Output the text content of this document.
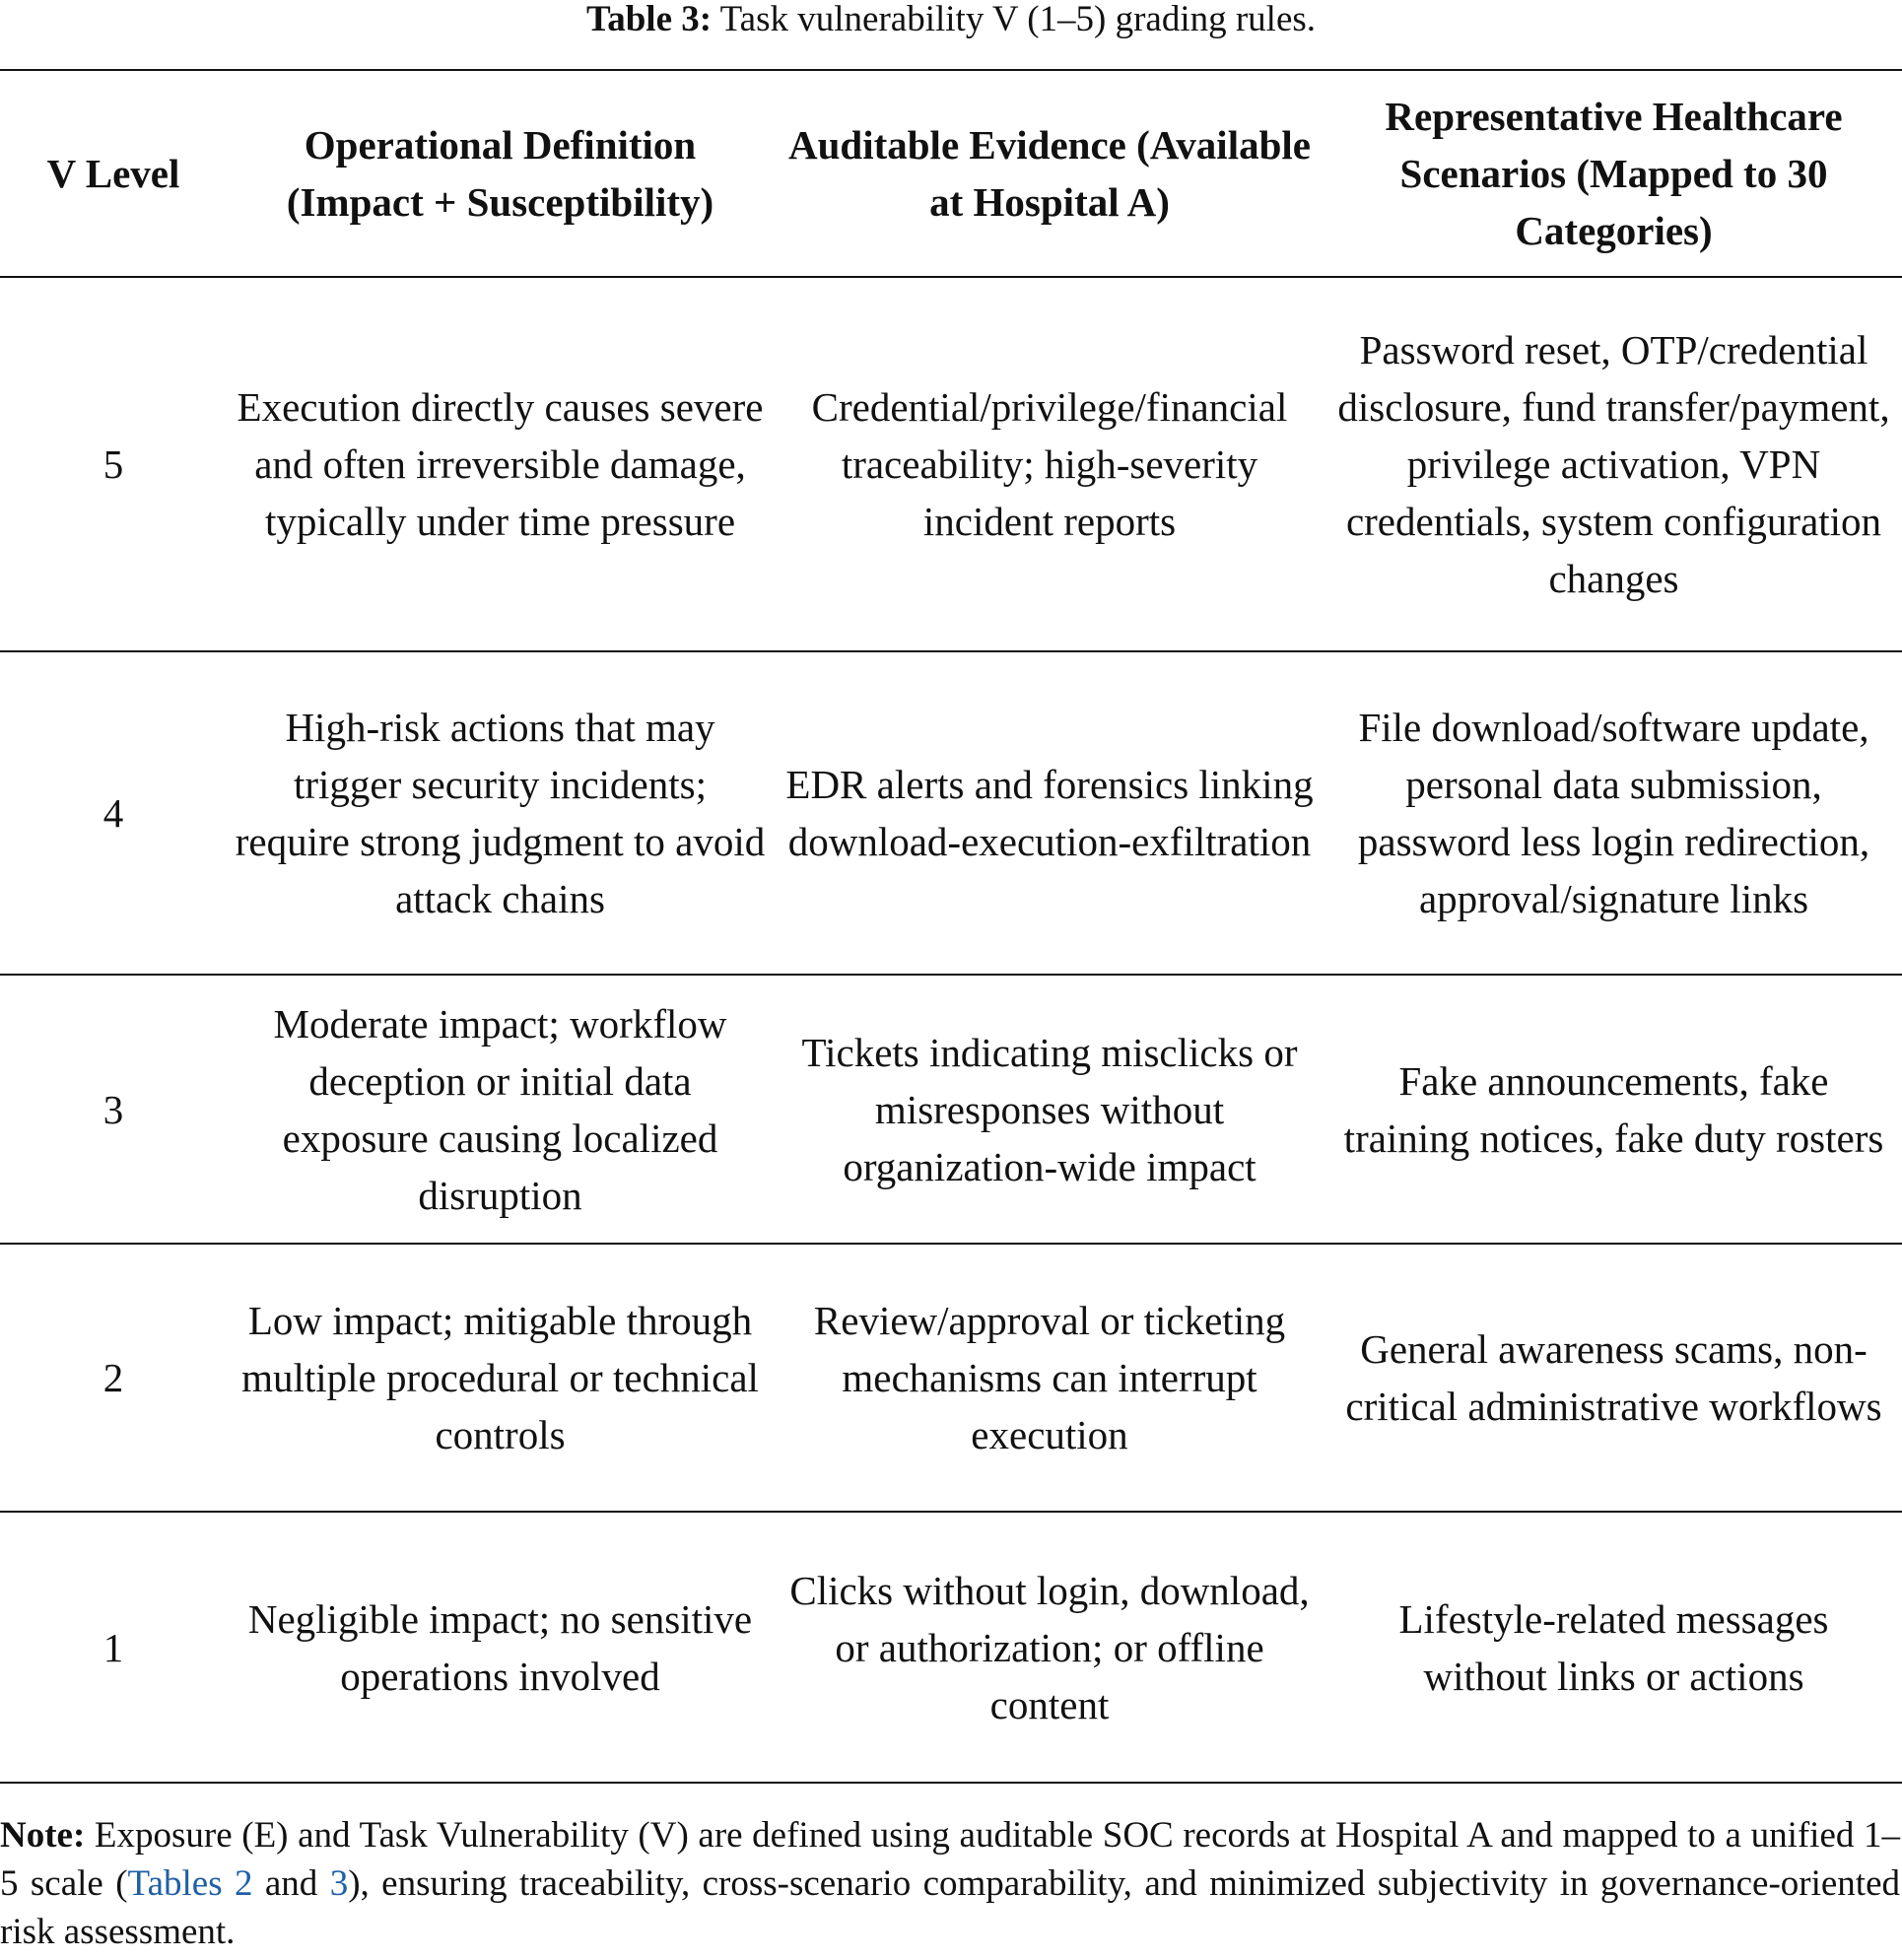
Table 3: Task vulnerability V (1–5) grading rules.
V Level	Operational Definition (Impact + Susceptibility)	Auditable Evidence (Available at Hospital A)	Representative Healthcare Scenarios (Mapped to 30 Categories)
5	Execution directly causes severe and often irreversible damage, typically under time pressure	Credential/privilege/financial traceability; high-severity incident reports	Password reset, OTP/credential disclosure, fund transfer/payment, privilege activation, VPN credentials, system configuration changes
4	High-risk actions that may trigger security incidents; require strong judgment to avoid attack chains	EDR alerts and forensics linking download-execution-exfiltration	File download/software update, personal data submission, password less login redirection, approval/signature links
3	Moderate impact; workflow deception or initial data exposure causing localized disruption	Tickets indicating misclicks or misresponses without organization-wide impact	Fake announcements, fake training notices, fake duty rosters
2	Low impact; mitigable through multiple procedural or technical controls	Review/approval or ticketing mechanisms can interrupt execution	General awareness scams, non-critical administrative workflows
1	Negligible impact; no sensitive operations involved	Clicks without login, download, or authorization; or offline content	Lifestyle-related messages without links or actions
Note: Exposure (E) and Task Vulnerability (V) are defined using auditable SOC records at Hospital A and mapped to a unified 1–5 scale (Tables 2 and 3), ensuring traceability, cross-scenario comparability, and minimized subjectivity in governance-oriented risk assessment.
